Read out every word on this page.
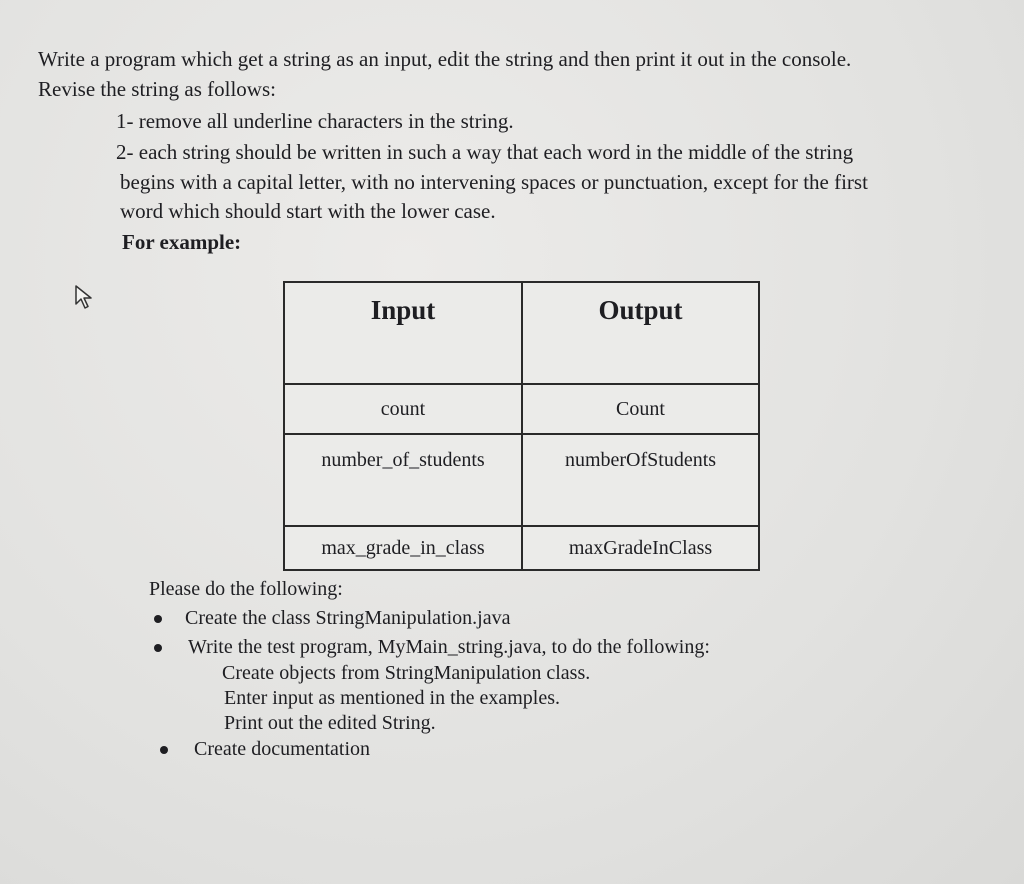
Write a program which get a string as an input, edit the string and then print it out in the console.
Revise the string as follows:
1- remove all underline characters in the string.
2- each string should be written in such a way that each word in the middle of the string
begins with a capital letter, with no intervening spaces or punctuation, except for the first
word which should start with the lower case.
For example:
Input	Output
count	Count
number_of_students	numberOfStudents
max_grade_in_class	maxGradeInClass
Please do the following:
Create the class StringManipulation.java
Write the test program, MyMain_string.java, to do the following:
Create objects from StringManipulation class.
Enter input as mentioned in the examples.
Print out the edited String.
Create documentation
